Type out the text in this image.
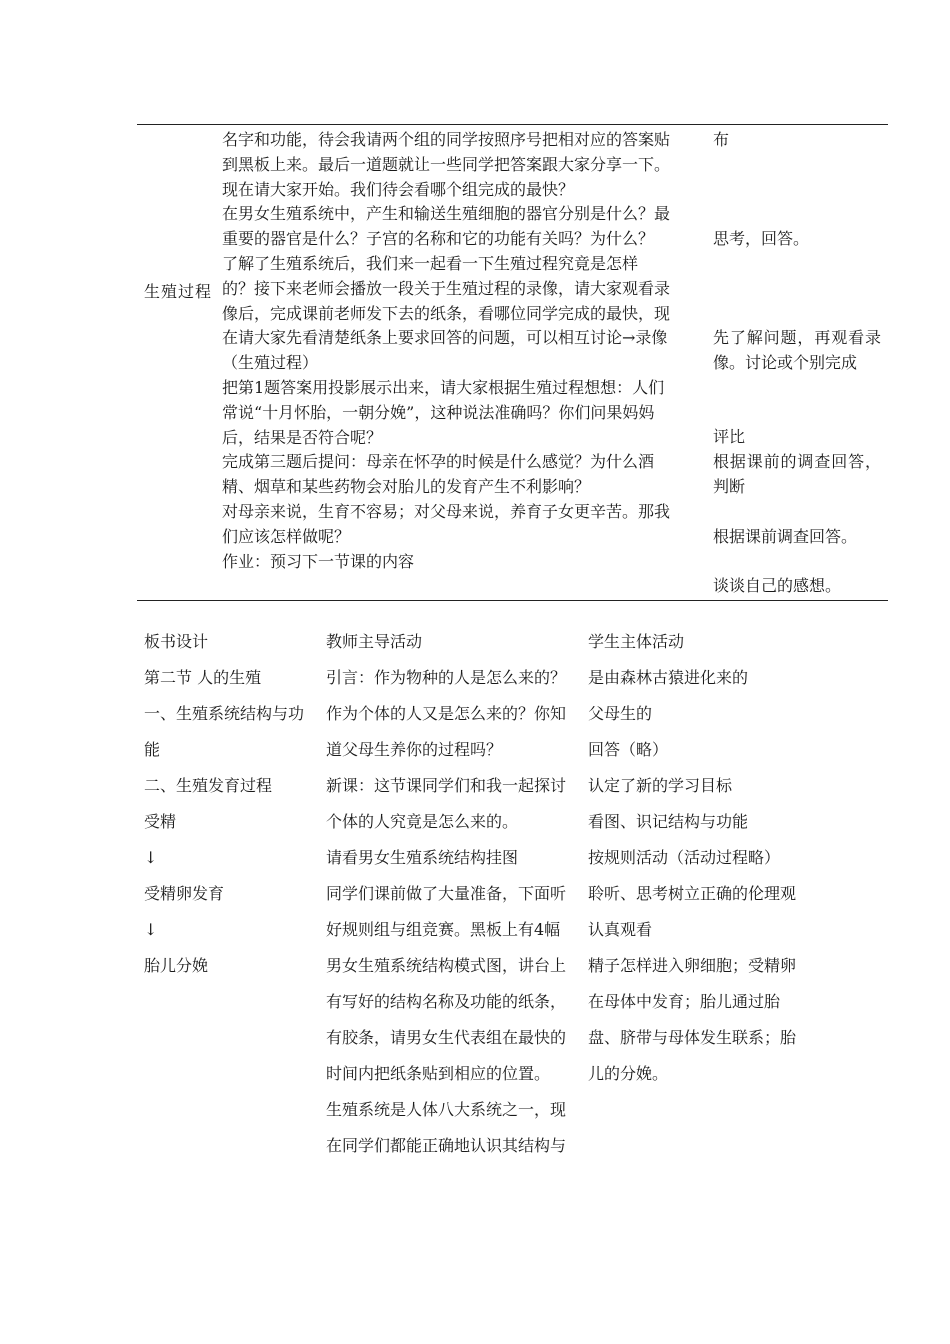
生殖过程

名字和功能，待会我请两个组的同学按照序号把相对应的答案贴

到黑板上来。最后一道题就让一些同学把答案跟大家分享一下。

现在请大家开始。我们待会看哪个组完成的最快？

在男女生殖系统中，产生和输送生殖细胞的器官分别是什么？最

重要的器官是什么？子宫的名称和它的功能有关吗？为什么？

了解了生殖系统后，我们来一起看一下生殖过程究竟是怎样

的？接下来老师会播放一段关于生殖过程的录像，请大家观看录

像后，完成课前老师发下去的纸条，看哪位同学完成的最快，现

在请大家先看清楚纸条上要求回答的问题，可以相互讨论→录像

（生殖过程）

把第1题答案用投影展示出来，请大家根据生殖过程想想：人们

常说“十月怀胎，一朝分娩”，这种说法准确吗？你们问果妈妈

后，结果是否符合呢？

完成第三题后提问：母亲在怀孕的时候是什么感觉？为什么酒

精、烟草和某些药物会对胎儿的发育产生不利影响？

对母亲来说，生育不容易；对父母来说，养育子女更辛苦。那我

们应该怎样做呢？

作业：预习下一节课的内容

布

思考，回答。

先了解问题，再观看录像。讨论或个别完成

评比

根据课前的调查回答，判断

根据课前调查回答。

谈谈自己的感想。

板书设计

第二节 人的生殖

一、生殖系统结构与功

能

二、生殖发育过程

受精

↓

受精卵发育

↓

胎儿分娩

教师主导活动

引言：作为物种的人是怎么来的？

作为个体的人又是怎么来的？你知

道父母生养你的过程吗？

新课：这节课同学们和我一起探讨

个体的人究竟是怎么来的。

请看男女生殖系统结构挂图

同学们课前做了大量准备，下面听

好规则组与组竞赛。黑板上有4幅

男女生殖系统结构模式图，讲台上

有写好的结构名称及功能的纸条，

有胶条，请男女生代表组在最快的

时间内把纸条贴到相应的位置。

生殖系统是人体八大系统之一，现

在同学们都能正确地认识其结构与

学生主体活动

是由森林古猿进化来的

父母生的

回答（略）

认定了新的学习目标

看图、识记结构与功能

按规则活动（活动过程略）

聆听、思考树立正确的伦理观

认真观看

精子怎样进入卵细胞；受精卵

在母体中发育；胎儿通过胎

盘、脐带与母体发生联系；胎

儿的分娩。
